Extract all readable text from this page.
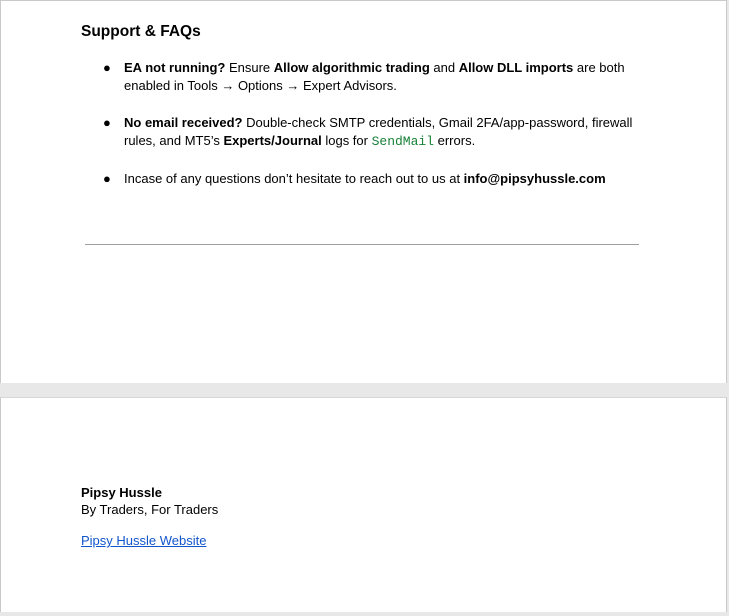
Support & FAQs
● EA not running? Ensure Allow algorithmic trading and Allow DLL imports are both enabled in Tools → Options → Expert Advisors.
● No email received? Double-check SMTP credentials, Gmail 2FA/app-password, firewall rules, and MT5’s Experts/Journal logs for SendMail errors.
● Incase of any questions don’t hesitate to reach out to us at info@pipsyhussle.com
Pipsy Hussle
By Traders, For Traders
Pipsy Hussle Website
